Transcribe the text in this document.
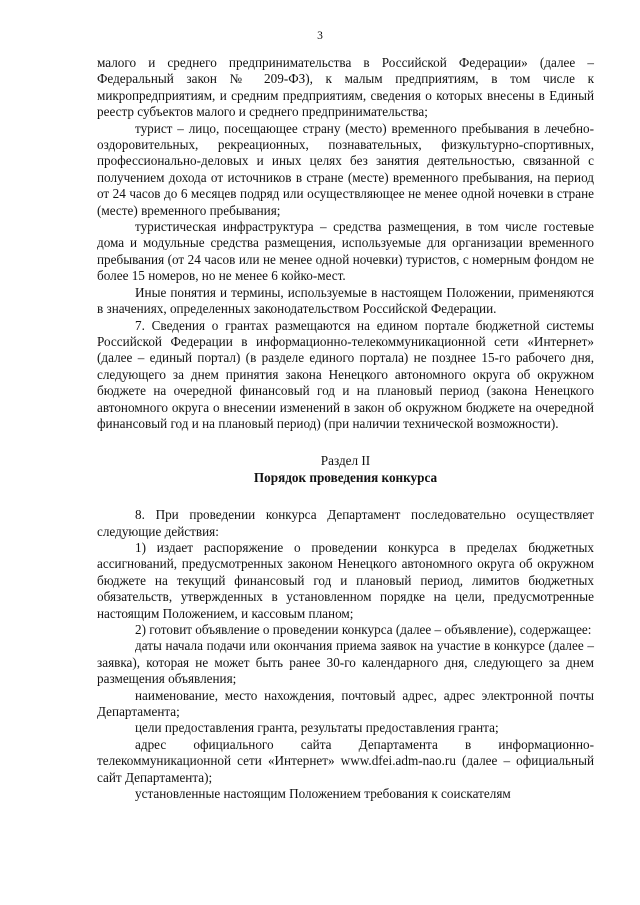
3

малого и среднего предпринимательства в Российской Федерации» (далее – Федеральный закон № 209-ФЗ), к малым предприятиям, в том числе к микропредприятиям, и средним предприятиям, сведения о которых внесены в Единый реестр субъектов малого и среднего предпринимательства;

турист – лицо, посещающее страну (место) временного пребывания в лечебно-оздоровительных, рекреационных, познавательных, физкультурно-спортивных, профессионально-деловых и иных целях без занятия деятельностью, связанной с получением дохода от источников в стране (месте) временного пребывания, на период от 24 часов до 6 месяцев подряд или осуществляющее не менее одной ночевки в стране (месте) временного пребывания;

туристическая инфраструктура – средства размещения, в том числе гостевые дома и модульные средства размещения, используемые для организации временного пребывания (от 24 часов или не менее одной ночевки) туристов, с номерным фондом не более 15 номеров, но не менее 6 койко-мест.

Иные понятия и термины, используемые в настоящем Положении, применяются в значениях, определенных законодательством Российской Федерации.

7. Сведения о грантах размещаются на едином портале бюджетной системы Российской Федерации в информационно-телекоммуникационной сети «Интернет» (далее – единый портал) (в разделе единого портала) не позднее 15-го рабочего дня, следующего за днем принятия закона Ненецкого автономного округа об окружном бюджете на очередной финансовый год и на плановый период (закона Ненецкого автономного округа о внесении изменений в закон об окружном бюджете на очередной финансовый год и на плановый период) (при наличии технической возможности).

Раздел II
Порядок проведения конкурса

8. При проведении конкурса Департамент последовательно осуществляет следующие действия:

1) издает распоряжение о проведении конкурса в пределах бюджетных ассигнований, предусмотренных законом Ненецкого автономного округа об окружном бюджете на текущий финансовый год и плановый период, лимитов бюджетных обязательств, утвержденных в установленном порядке на цели, предусмотренные настоящим Положением, и кассовым планом;

2) готовит объявление о проведении конкурса (далее – объявление), содержащее:

даты начала подачи или окончания приема заявок на участие в конкурсе (далее – заявка), которая не может быть ранее 30-го календарного дня, следующего за днем размещения объявления;

наименование, место нахождения, почтовый адрес, адрес электронной почты Департамента;

цели предоставления гранта, результаты предоставления гранта;

адрес официального сайта Департамента в информационно-телекоммуникационной сети «Интернет» www.dfei.adm-nao.ru (далее – официальный сайт Департамента);

установленные настоящим Положением требования к соискателям
